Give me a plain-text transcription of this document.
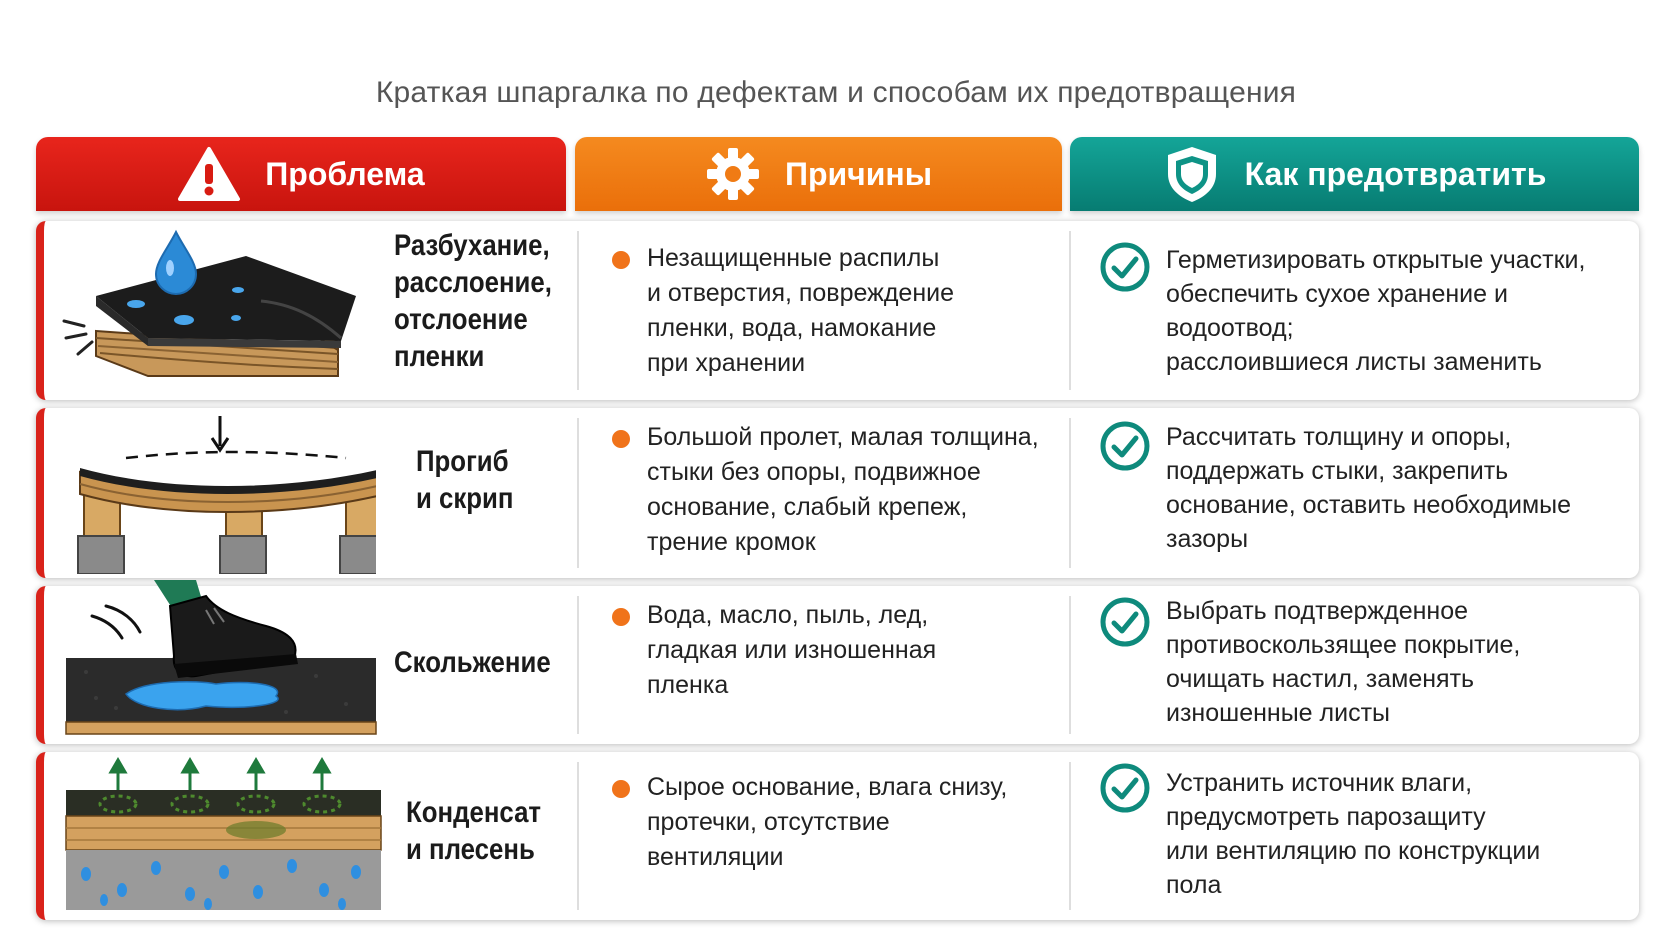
Краткая шпаргалка по дефектам и способам их предотвращения
Проблема	Причины	Как предотвратить
Разбухание,
расслоение,
отслоение
пленки
Незащищенные распилы
и отверстия, повреждение
пленки, вода, намокание
при хранении
Герметизировать открытые участки,
обеспечить сухое хранение и водоотвод;
расслоившиеся листы заменить
Прогиб
и скрип
Большой пролет, малая толщина,
стыки без опоры, подвижное
основание, слабый крепеж,
трение кромок
Рассчитать толщину и опоры,
поддержать стыки, закрепить
основание, оставить необходимые
зазоры
Скольжение
Вода, масло, пыль, лед,
гладкая или изношенная
пленка
Выбрать подтвержденное
противоскользящее покрытие,
очищать настил, заменять
изношенные листы
Конденсат
и плесень
Сырое основание, влага снизу,
протечки, отсутствие
вентиляции
Устранить источник влаги,
предусмотреть парозащиту
или вентиляцию по конструкции
пола
